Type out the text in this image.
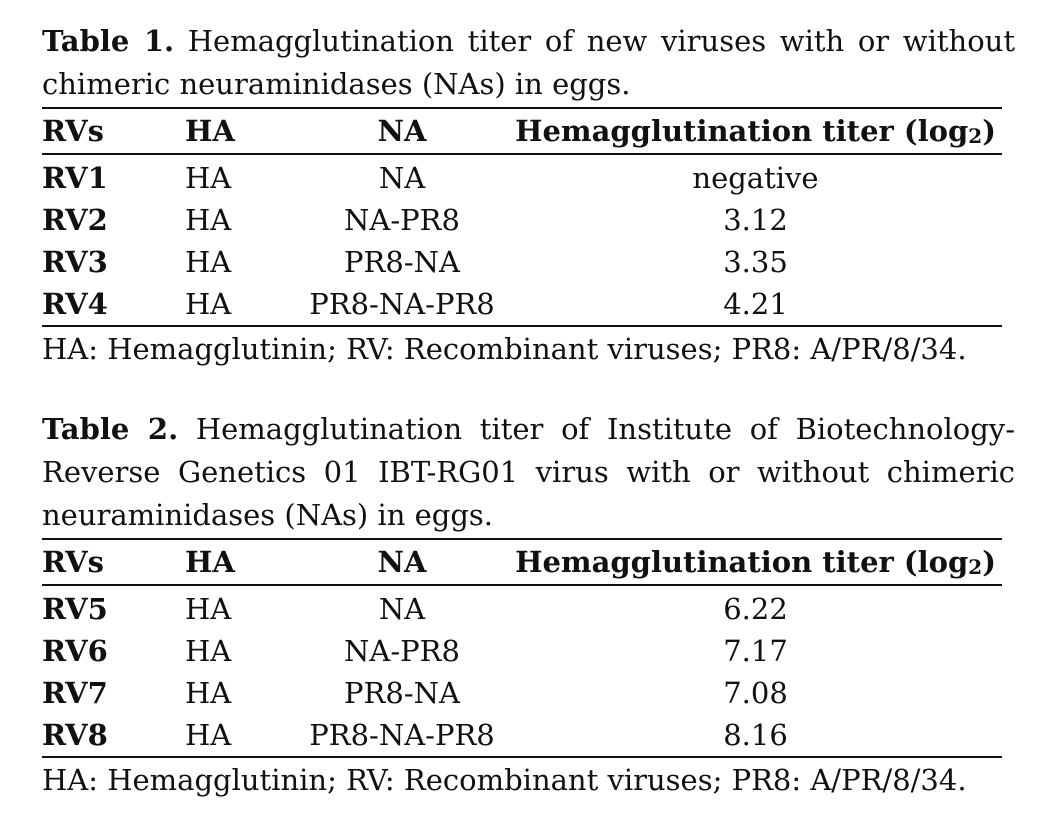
Table 1. Hemagglutination titer of new viruses with or without chimeric neuraminidases (NAs) in eggs.

RVs	HA	NA	Hemagglutination titer $(\log_2)$
RV1	HA	NA	negative
RV2	HA	NA-PR8	3.12
RV3	HA	PR8-NA	3.35
RV4	HA	PR8-NA-PR8	4.21

HA: Hemagglutinin; RV: Recombinant viruses; PR8: A/PR/8/34.

Table 2. Hemagglutination titer of Institute of Biotechnology-Reverse Genetics 01 IBT-RG01 virus with or without chimeric neuraminidases (NAs) in eggs.

RVs	HA	NA	Hemagglutination titer $(\log_2)$
RV5	HA	NA	6.22
RV6	HA	NA-PR8	7.17
RV7	HA	PR8-NA	7.08
RV8	HA	PR8-NA-PR8	8.16

HA: Hemagglutinin; RV: Recombinant viruses; PR8: A/PR/8/34.
